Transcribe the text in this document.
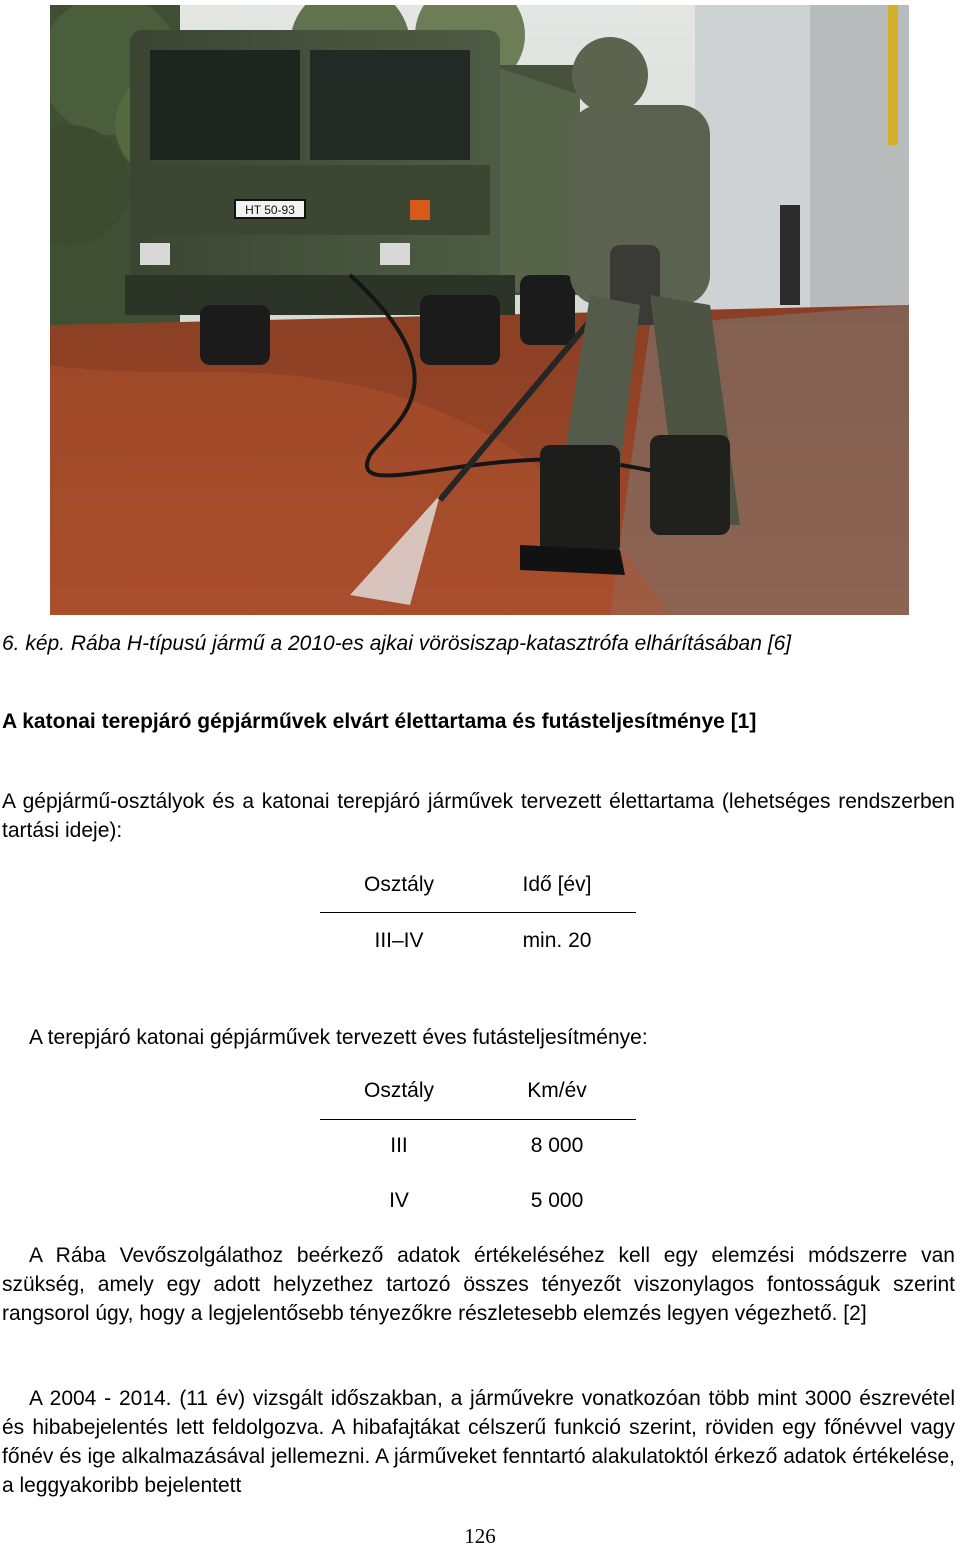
HT 50-93
6. kép. Rába H-típusú jármű a 2010-es ajkai vörösiszap-katasztrófa elhárításában [6]
A katonai terepjáró gépjárművek elvárt élettartama és futásteljesítménye [1]
A gépjármű-osztályok és a katonai terepjáró járművek tervezett élettartama (lehetséges rendszerben tartási ideje):
Osztály	Idő [év]
III–IV	min. 20
A terepjáró katonai gépjárművek tervezett éves futásteljesítménye:
Osztály	Km/év
III	8 000
IV	5 000
A Rába Vevőszolgálathoz beérkező adatok értékeléséhez kell egy elemzési módszerre van szükség, amely egy adott helyzethez tartozó összes tényezőt viszonylagos fontosságuk szerint rangsorol úgy, hogy a legjelentősebb tényezőkre részletesebb elemzés legyen végezhető. [2]
A 2004 - 2014. (11 év) vizsgált időszakban, a járművekre vonatkozóan több mint 3000 észrevétel és hibabejelentés lett feldolgozva. A hibafajtákat célszerű funkció szerint, röviden egy főnévvel vagy főnév és ige alkalmazásával jellemezni. A járműveket fenntartó alakulatoktól érkező adatok értékelése, a leggyakoribb bejelentett
126
